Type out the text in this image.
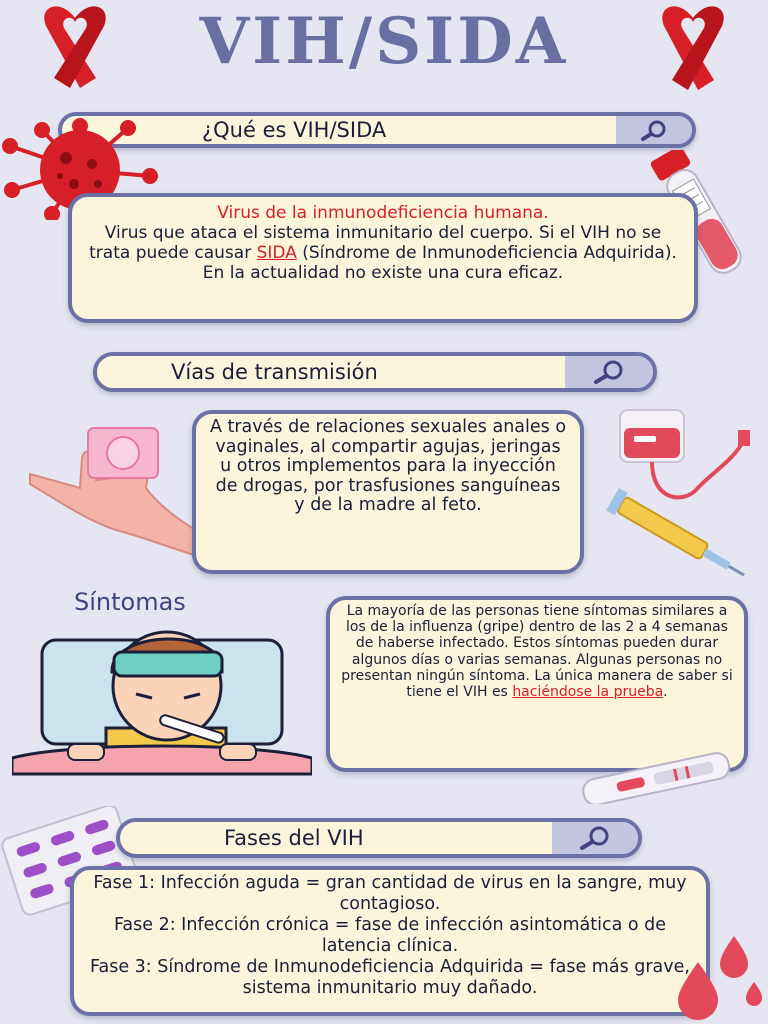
VIH/SIDA
¿Qué es VIH/SIDA
Virus de la inmunodeficiencia humana.
Virus que ataca el sistema inmunitario del cuerpo. Si el VIH no se trata puede causar SIDA (Síndrome de Inmunodeficiencia Adquirida).
En la actualidad no existe una cura eficaz.
Vías de transmisión
A través de relaciones sexuales anales o vaginales, al compartir agujas, jeringas u otros implementos para la inyección de drogas, por trasfusiones sanguíneas y de la madre al feto.
Síntomas	La mayoría de las personas tiene síntomas similares a los de la influenza (gripe) dentro de las 2 a 4 semanas de haberse infectado. Estos síntomas pueden durar algunos días o varias semanas. Algunas personas no presentan ningún síntoma. La única manera de saber si tiene el VIH es haciéndose la prueba.
Fases del VIH
Fase 1: Infección aguda = gran cantidad de virus en la sangre, muy contagioso.
Fase 2: Infección crónica = fase de infección asintomática o de latencia clínica.
Fase 3: Síndrome de Inmunodeficiencia Adquirida = fase más grave, sistema inmunitario muy dañado.
